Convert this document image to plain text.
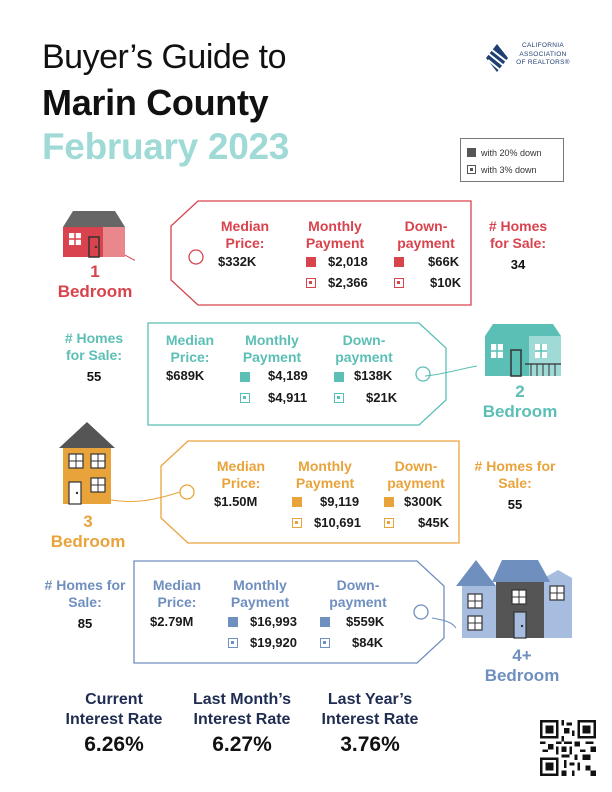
Buyer’s Guide to
Marin County
February 2023
CALIFORNIA
ASSOCIATION
OF REALTORS®
with 20% down
with 3% down
1
Bedroom
Median Price:
$332K
Monthly Payment
$2,018
$2,366
Down-payment
$66K
$10K
# Homes for Sale:
34
# Homes for Sale:
55
Median Price:
$689K
Monthly Payment
$4,189
$4,911
Down-payment
$138K
$21K	2
Bedroom
3
Bedroom
Median Price:
$1.50M
Monthly Payment
$9,119
$10,691
Down-payment
$300K
$45K
# Homes for Sale:
55
# Homes for Sale:
85
Median Price:
$2.79M
Monthly Payment
$16,993
$19,920
Down-payment
$559K
$84K
4+
Bedroom
Current
Interest Rate
6.26%
Last Month’s
Interest Rate
6.27%
Last Year’s
Interest Rate
3.76%
